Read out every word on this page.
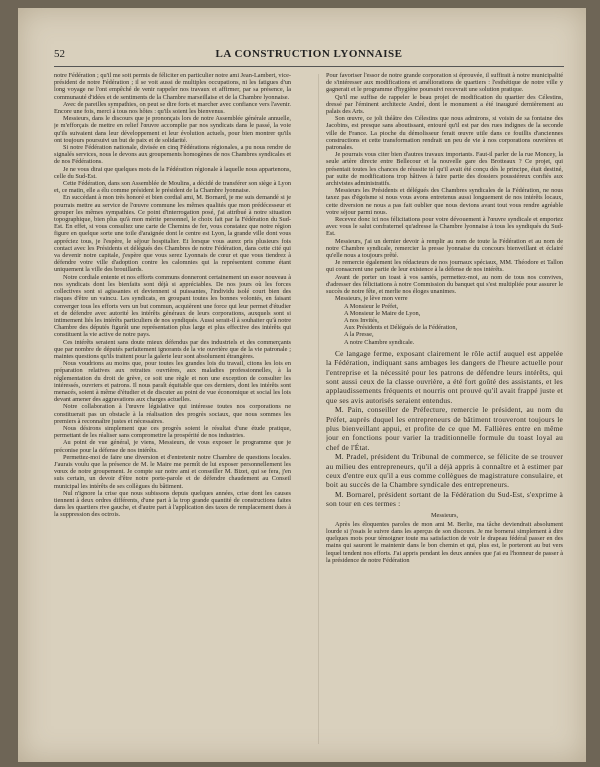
52	LA CONSTRUCTION LYONNAISE

notre Fédération ; qu'il me soit permis de féliciter en particulier notre ami Jean-Lambert, vice-président de notre Fédération ; il se voit aussi de multiples occupations, ni les fatigues d'un long voyage ne l'ont empêché de venir rappeler nos travaux et affirmer, par sa présence, la communauté d'idées et de sentiments de la Chambre marseillaise et de la Chambre lyonnaise.

Avec de pareilles sympathies, on peut se dire forts et marcher avec confiance vers l'avenir. Encore une fois, merci à tous nos hôtes : qu'ils soient les bienvenus.

Messieurs, dans le discours que je prononçais lors de notre Assemblée générale annuelle, je m'efforçais de mettre en relief l'œuvre accomplie par nos syndicats dans le passé, la voie qu'ils suivaient dans leur développement et leur évolution actuels, pour bien montrer qu'ils ont toujours poursuivi un but de paix et de solidarité.

Si notre Fédération nationale, divisée en cinq Fédérations régionales, a pu nous rendre de signalés services, nous le devons aux groupements homogènes de nos Chambres syndicales et de nos Fédérations.

Je ne vous dirai que quelques mots de la Fédération régionale à laquelle nous appartenons, celle du Sud-Est.

Cette Fédération, dans son Assemblée de Moulins, a décidé de transférer son siège à Lyon et, ce matin, elle a élu comme président le président de la Chambre lyonnaise.

En succédant à mon très honoré et bien cordial ami, M. Bornard, je me suis demandé si je pourrais mettre au service de l'œuvre commune les mêmes qualités que mon prédécesseur et grouper les mêmes sympathies. Ce point d'interrogation posé, j'ai attribué à notre situation topographique, bien plus qu'à mon mérite personnel, le choix fait par la Fédération du Sud-Est. En effet, si vous consultez une carte de Chemins de fer, vous constatez que notre région figure en quelque sorte une toile d'araignée dont le centre est Lyon, la grande ville dont vous appréciez tous, je l'espère, le séjour hospitalier. Et lorsque vous aurez pris plusieurs fois contact avec les Présidents et délégués des Chambres de notre Fédération, dans cette cité qui va devenir notre capitale, j'espère que vous serez Lyonnais de cœur et que vous tiendrez à défendre votre ville d'adoption contre les calomnies qui la représentent comme étant uniquement la ville des brouillards.

Notre cordiale entente et nos efforts communs donneront certainement un essor nouveau à nos syndicats dont les bienfaits sont déjà si appréciables. De nos jours où les forces collectives sont si agissantes et deviennent si puissantes, l'individu isolé court bien des risques d'être un vaincu. Les syndicats, en groupant toutes les bonnes volontés, en faisant converger tous les efforts vers un but commun, acquièrent une force qui leur permet d'étudier et de défendre avec autorité les intérêts généraux de leurs corporations, auxquels sont si intimement liés les intérêts particuliers de nos syndiqués. Aussi serait-il à souhaiter qu'à notre Chambre des députés figurât une représentation plus large et plus effective des intérêts qui constituent la vie active de notre pays.

Ces intérêts seraient sans doute mieux défendus par des industriels et des commerçants que par nombre de députés parfaitement ignorants de la vie ouvrière que de la vie patronale ; maintes questions qu'ils traitent pour la galerie leur sont absolument étrangères.

Nous voudrions au moins que, pour toutes les grandes lois du travail, citons les lois en préparation relatives aux retraites ouvrières, aux maladies professionnelles, à la réglementation du droit de grève, ce soit une règle et non une exception de consulter les intéressés, ouvriers et patrons. Il nous paraît équitable que ces derniers, dont les intérêts sont menacés, soient à même d'étudier et de discuter au point de vue économique et social les lois devant amener des aggravations aux charges actuelles.

Notre collaboration à l'œuvre législative qui intéresse toutes nos corporations ne constituerait pas un obstacle à la réalisation des progrès sociaux, que nous sommes les premiers à reconnaître justes et nécessaires.

Nous désirons simplement que ces progrès soient le résultat d'une étude pratique, permettant de les réaliser sans compromettre la prospérité de nos industries.

Au point de vue général, je viens, Messieurs, de vous exposer le programme que je préconise pour la défense de nos intérêts.

Permettez-moi de faire une diversion et d'entretenir notre Chambre de questions locales. J'aurais voulu que la présence de M. le Maire me permît de lui exposer personnellement les vœux de notre groupement. Je compte sur notre ami et conseiller M. Bizet, qui se fera, j'en suis certain, un devoir d'être notre porte-parole et de défendre chaudement au Conseil municipal les intérêts de ses collègues du bâtiment.

Nul n'ignore la crise que nous subissons depuis quelques années, crise dont les causes tiennent à deux ordres différents, d'une part à la trop grande quantité de constructions faites dans les quartiers rive gauche, et d'autre part à l'application des taxes de remplacement dues à la suppression des octrois.

Pour favoriser l'essor de notre grande corporation si éprouvée, il suffirait à notre municipalité de s'intéresser aux modifications et améliorations de quartiers : l'esthétique de notre ville y gagnerait et le programme d'hygiène poursuivi recevrait une solution pratique.

Qu'il me suffise de rappeler le beau projet de modification du quartier des Célestins, dressé par l'éminent architecte André, dont le monument a été inauguré dernièrement au palais des Arts.

Son œuvre, ce joli théâtre des Célestins que nous admirons, si voisin de sa fontaine des Jacobins, est presque sans aboutissant, entouré qu'il est par des rues indignes de la seconde ville de France. La pioche du démolisseur ferait œuvre utile dans ce fouillis d'anciennes constructions et cette transformation rendrait un peu de vie à nos corporations ouvrières et patronales.

Je pourrais vous citer bien d'autres travaux importants. Faut-il parler de la rue Moncey, la seule artère directe entre Bellecour et la nouvelle gare des Brotteaux ? Ce projet, qui présentait toutes les chances de réussite tel qu'il avait été conçu dès le principe, était destiné, par suite de modifications trop hâtives à faire partie des dossiers poussiéreux confiés aux archivistes administratifs.

Messieurs les Présidents et délégués des Chambres syndicales de la Fédération, ne nous taxez pas d'égoïsme si nous vous avons entretenus aussi longuement de nos intérêts locaux, cette diversion ne nous a pas fait oublier que nous devions avant tout vous rendre agréable votre séjour parmi nous.

Recevez donc ici nos félicitations pour votre dévouement à l'œuvre syndicale et emportez avec vous le salut confraternel qu'adresse la Chambre lyonnaise à tous les syndiqués du Sud-Est.

Messieurs, j'ai un dernier devoir à remplir au nom de toute la Fédération et au nom de notre Chambre syndicale, remercier la presse lyonnaise du concours bienveillant et éclairé qu'elle nous a toujours prêté.

Je remercie également les rédacteurs de nos journaux spéciaux, MM. Théodore et Tallon qui consacrent une partie de leur existence à la défense de nos intérêts.

Avant de porter un toast à vos santés, permettez-moi, au nom de tous nos convives, d'adresser des félicitations à notre Commission du banquet qui s'est multipliée pour assurer le succès de notre fête, et merlie nos éloges unanimes.

Messieurs, je lève mon verre

A Monsieur le Préfet,

A Monsieur le Maire de Lyon,

A nos Invités,

Aux Présidents et Délégués de la Fédération,

A la Presse,

A notre Chambre syndicale.

Ce langage ferme, exposant clairement le rôle actif auquel est appelée la Fédération, indiquant sans ambages les dangers de l'heure actuelle pour l'entreprise et la nécessité pour les patrons de défendre leurs intérêts, qui sont aussi ceux de la classe ouvrière, a été fort goûté des assistants, et les applaudissements fréquents et nourris ont prouvé qu'il avait frappé juste et que ses avis autorisés seraient entendus.

M. Pain, conseiller de Préfecture, remercie le président, au nom du Préfet, auprès duquel les entrepreneurs de bâtiment trouveront toujours le plus bienveillant appui, et profite de ce que M. Fallières entre en même jour en fonctions pour varier la traditionnelle formule du toast loyal au chef de l'État.

M. Pradel, président du Tribunal de commerce, se félicite de se trouver au milieu des entrepreneurs, qu'il a déjà appris à connaître et à estimer par ceux d'entre eux qu'il a eus comme collègues de magistrature consulaire, et boit au succès de la Chambre syndicale des entrepreneurs.

M. Bornarel, président sortant de la Fédération du Sud-Est, s'exprime à son tour en ces termes :

Messieurs,

Après les éloquentes paroles de mon ami M. Berlie, ma tâche deviendrait absolument lourde si j'osais le suivre dans les aperçus de son discours. Je me bornerai simplement à dire quelques mots pour témoigner toute ma satisfaction de voir le drapeau fédéral passer en des mains qui sauront le maintenir dans le bon chemin et qui, plus est, le porteront au but vers lequel tendent nos efforts. J'ai appris pendant les deux années que j'ai eu l'honneur de passer à la présidence de notre Fédération
